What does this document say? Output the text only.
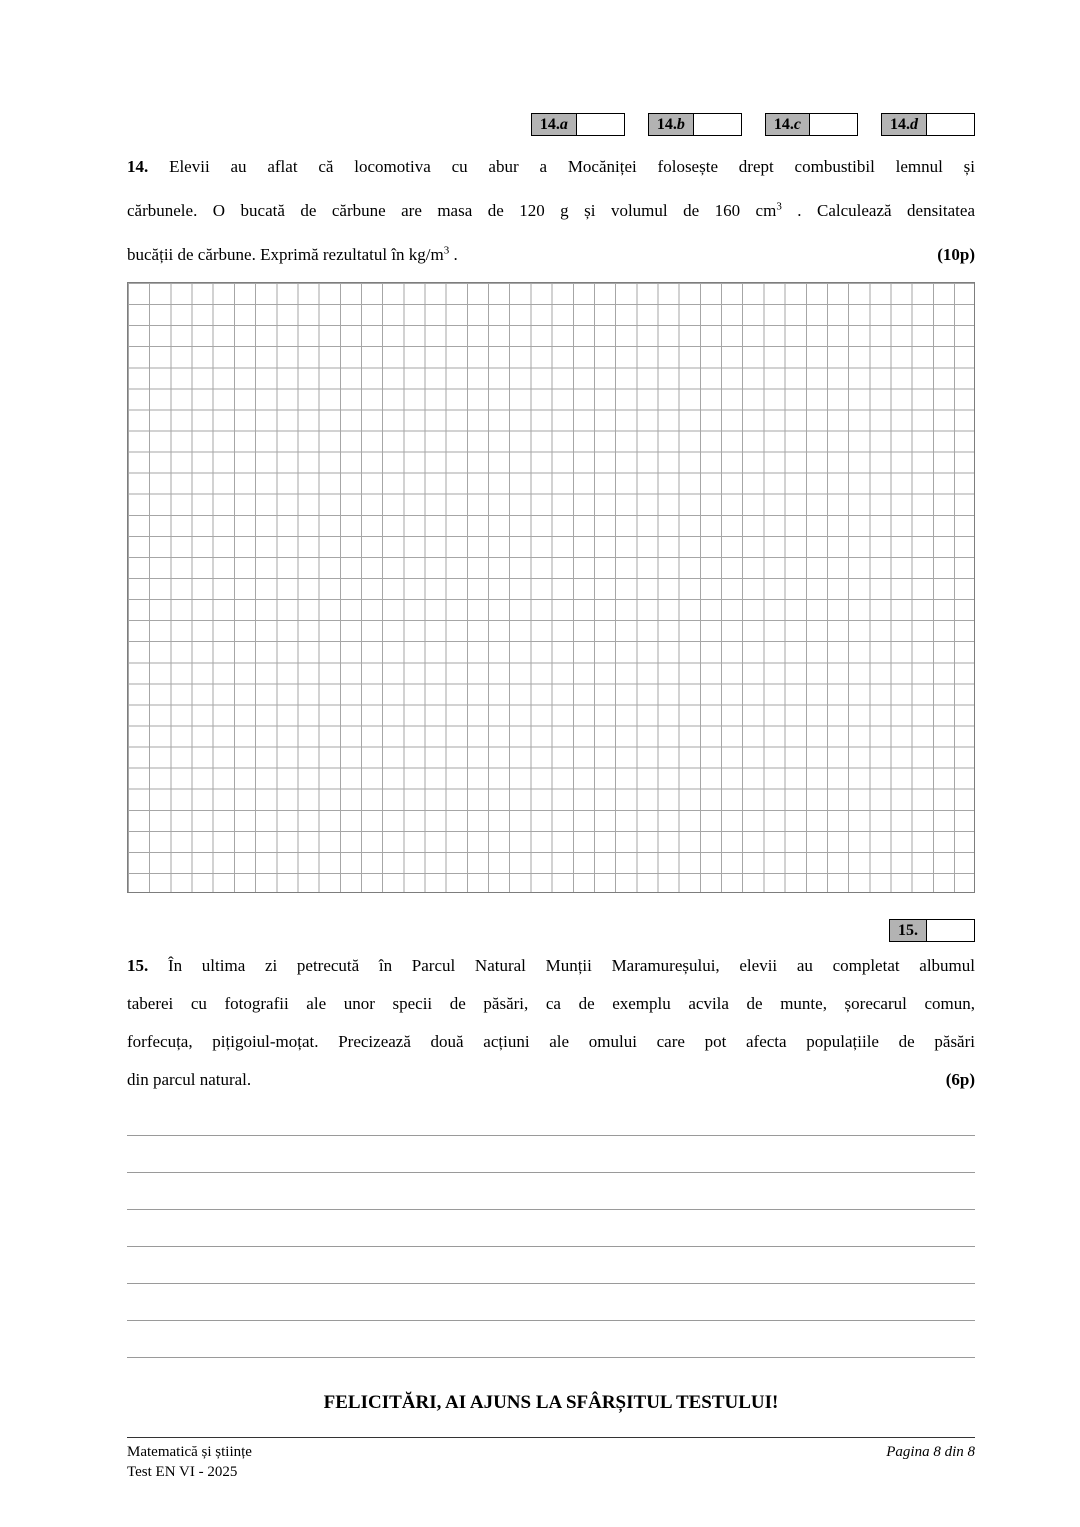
14.a	14.b	14.c	14.d
14. Elevii au aflat că locomotiva cu abur a Mocăniței folosește drept combustibil lemnul și
cărbunele. O bucată de cărbune are masa de 120 g și volumul de 160 $cm^3$ . Calculează densitatea
bucății de cărbune. Exprimă rezultatul în $kg/m^3$ .	(10p)
15.
15. În ultima zi petrecută în Parcul Natural Munții Maramureșului, elevii au completat albumul
taberei cu fotografii ale unor specii de păsări, ca de exemplu acvila de munte, șorecarul comun,
forfecuța, pițigoiul-moțat. Precizează două acțiuni ale omului care pot afecta populațiile de păsări
din parcul natural.	(6p)
FELICITĂRI, AI AJUNS LA SFÂRȘITUL TESTULUI!
Matematică și științe
Test EN VI - 2025
Pagina 8 din 8
